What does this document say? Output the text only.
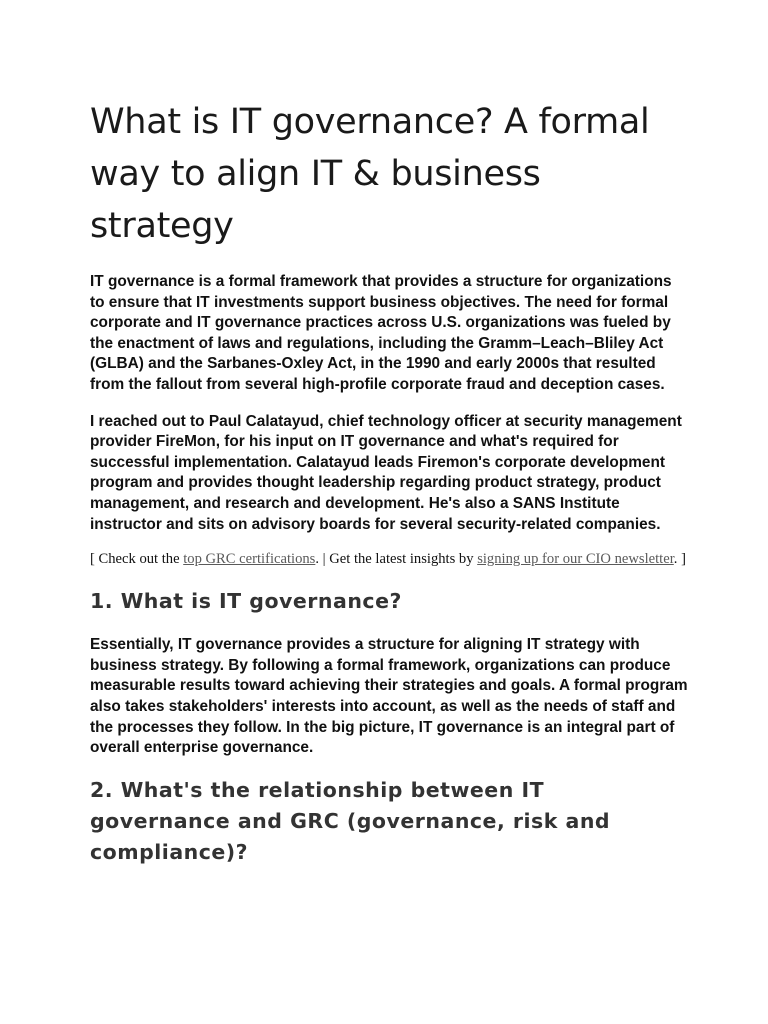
What is IT governance? A formal way to align IT & business strategy

IT governance is a formal framework that provides a structure for organizations to ensure that IT investments support business objectives. The need for formal corporate and IT governance practices across U.S. organizations was fueled by the enactment of laws and regulations, including the Gramm–Leach–Bliley Act (GLBA) and the Sarbanes-Oxley Act, in the 1990 and early 2000s that resulted from the fallout from several high-profile corporate fraud and deception cases.

I reached out to Paul Calatayud, chief technology officer at security management provider FireMon, for his input on IT governance and what's required for successful implementation. Calatayud leads Firemon's corporate development program and provides thought leadership regarding product strategy, product management, and research and development. He's also a SANS Institute instructor and sits on advisory boards for several security-related companies.

[ Check out the top GRC certifications. | Get the latest insights by signing up for our CIO newsletter. ]

1. What is IT governance?

Essentially, IT governance provides a structure for aligning IT strategy with business strategy. By following a formal framework, organizations can produce measurable results toward achieving their strategies and goals. A formal program also takes stakeholders' interests into account, as well as the needs of staff and the processes they follow. In the big picture, IT governance is an integral part of overall enterprise governance.

2. What's the relationship between IT governance and GRC (governance, risk and compliance)?
